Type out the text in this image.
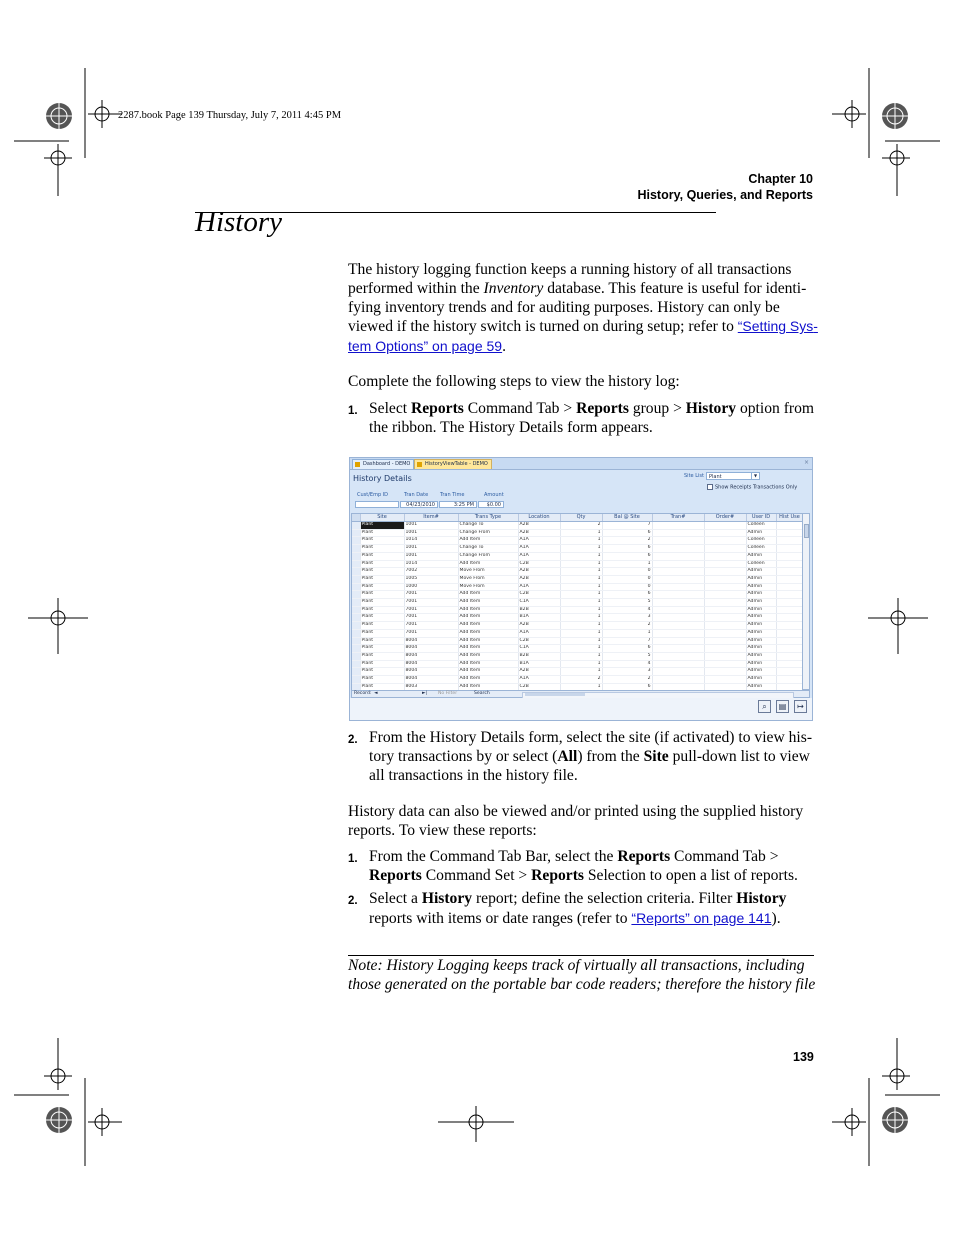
2287.book Page 139 Thursday, July 7, 2011 4:45 PM
Chapter 10
History, Queries, and Reports
History
The history logging function keeps a running history of all transactions performed within the Inventory database. This feature is useful for identifying inventory trends and for auditing purposes. History can only be viewed if the history switch is turned on during setup; refer to “Setting System Options” on page 59.
Complete the following steps to view the history log:
1. Select Reports Command Tab > Reports group > History option from the ribbon. The History Details form appears.
Dashboard - DEMO	HistoryViewTable - DEMO	×
History Details
Cust/Emp ID	Tran Date Tran Time	Amount
04/23/2010	3:25 PM	$0.00
Site List	Plant	▼
Show Receipts Transactions Only
	Site	Item#	Trans Type	Location	Qty	Bal @ Site	Tran#	Order#	User ID	Hist Use	
	Plant	1001	Change To	A2B	2	7			Colleen		
	Plant	1001	Change From	A2B	1	6			Admin		
	Plant	1014	Add Item	A1A	1	2			Colleen		
	Plant	1001	Change To	A1A	1	6			Colleen		
	Plant	1001	Change From	A1A	1	6			Admin		
	Plant	1014	Add Item	C2B	1	1			Colleen		
	Plant	7002	Move From	A2B	1	0			Admin		
	Plant	1005	Move From	A2B	1	0			Admin		
	Plant	1000	Move From	A1A	1	0			Admin		
	Plant	7001	Add Item	C2B	1	6			Admin		
	Plant	7001	Add Item	C1A	1	5			Admin		
	Plant	7001	Add Item	B2B	1	4			Admin		
	Plant	7001	Add Item	B1A	1	3			Admin		
	Plant	7001	Add Item	A2B	1	2			Admin		
	Plant	7001	Add Item	A1A	1	1			Admin		
	Plant	8004	Add Item	C2B	1	7			Admin		
	Plant	8004	Add Item	C1A	1	6			Admin		
	Plant	8004	Add Item	B2B	1	5			Admin		
	Plant	8004	Add Item	B1A	1	4			Admin		
	Plant	8004	Add Item	A2B	1	3			Admin		
	Plant	8004	Add Item	A1A	2	2			Admin		
	Plant	8003	Add Item	C2B	1	6			Admin		
Record: ◄	►| No Filter	Search
⌕	▤	↦
2. From the History Details form, select the site (if activated) to view history transactions by or select (All) from the Site pull-down list to view all transactions in the history file.
History data can also be viewed and/or printed using the supplied history reports. To view these reports:
1. From the Command Tab Bar, select the Reports Command Tab > Reports Command Set > Reports Selection to open a list of reports.
2. Select a History report; define the selection criteria. Filter History reports with items or date ranges (refer to “Reports” on page 141).
Note: History Logging keeps track of virtually all transactions, including those generated on the portable bar code readers; therefore the history file
139
